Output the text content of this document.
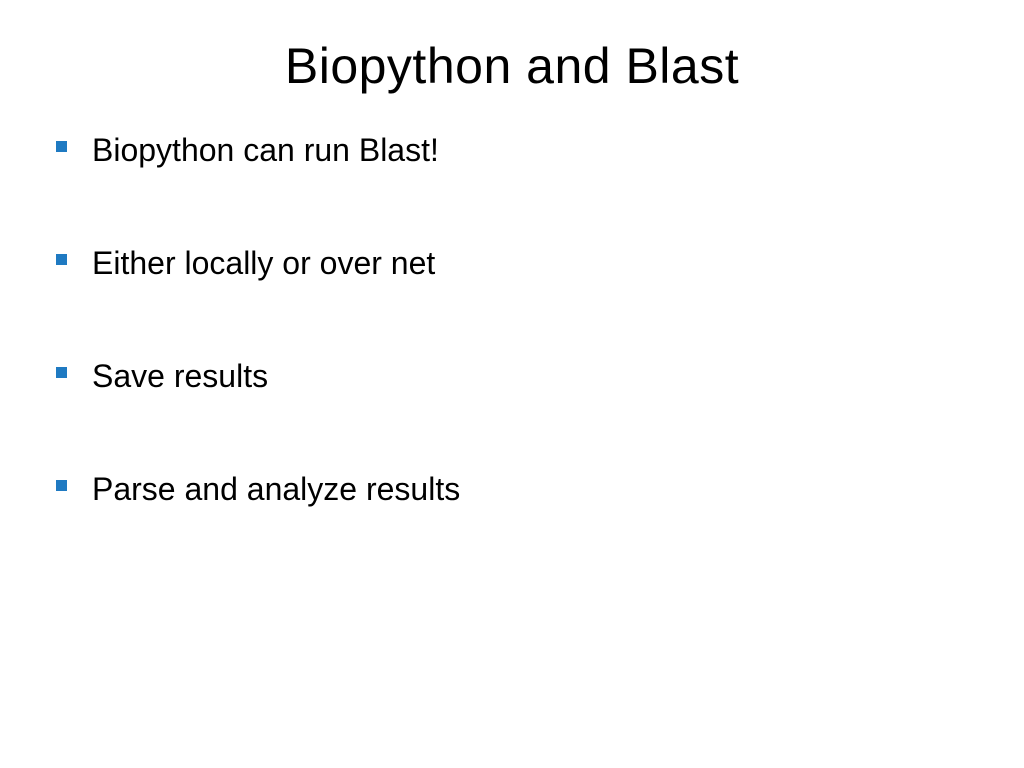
Biopython and Blast
Biopython can run Blast!
Either locally or over net
Save results
Parse and analyze results
